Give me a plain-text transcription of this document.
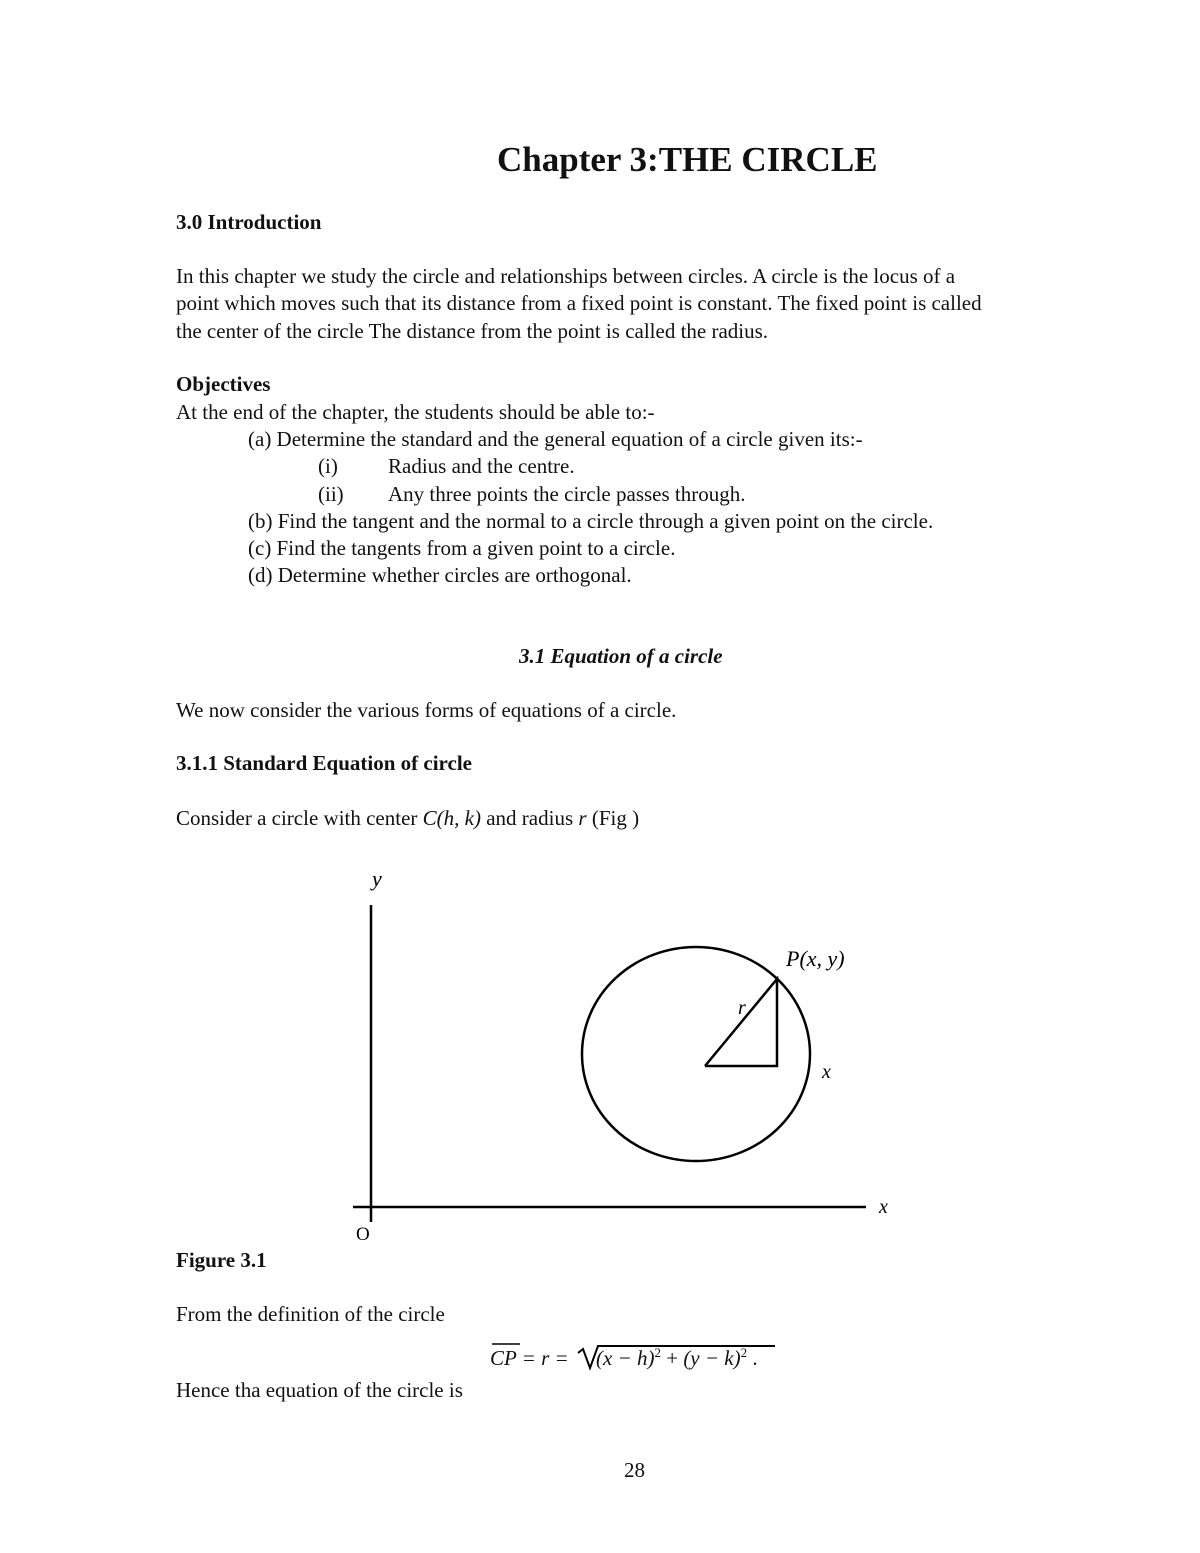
Chapter 3:THE CIRCLE
3.0 Introduction
In this chapter we study the circle and relationships between circles. A circle is the locus of a
point which moves such that its distance from a fixed point is constant. The fixed point is called
the center of the circle The distance from the point is called the radius.
Objectives
At the end of the chapter, the students should be able to:-
(a) Determine the standard and the general equation of a circle given its:-
(i) Radius and the centre.
(ii) Any three points the circle passes through.
(b) Find the tangent and the normal to a circle through a given point on the circle.
(c) Find the tangents from a given point to a circle.
(d) Determine whether circles are orthogonal.
3.1 Equation of a circle
We now consider the various forms of equations of a circle.
3.1.1 Standard Equation of circle
Consider a circle with center C(h, k) and radius r (Fig )
y
x
O
P(x, y)
r
x
Figure 3.1
From the definition of the circle
CP = $r = (x - h)^2 + (y - k)^2$ .
Hence tha equation of the circle is
28
